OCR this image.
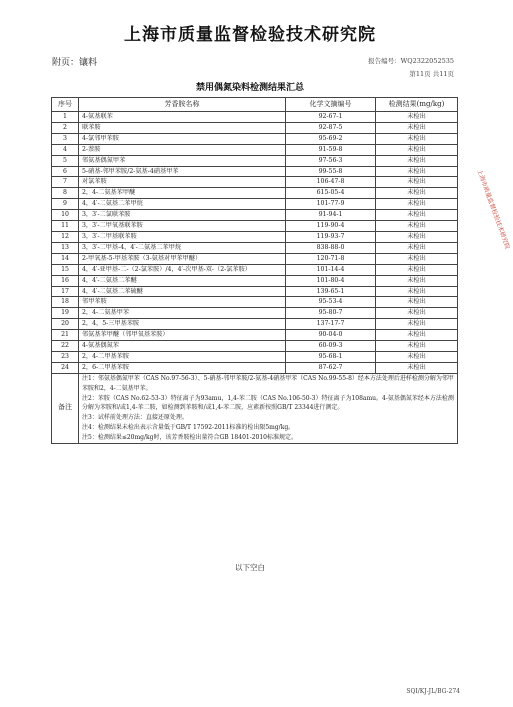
上海市质量监督检验技术研究院
附页：镶料	报告编号：WQ2322052535
第11页 共11页
禁用偶氮染料检测结果汇总
上海市质量监督检验技术研究院
序号	芳香胺名称	化学文摘编号	检测结果(mg/kg)
1	4-氨基联苯	92-67-1	未检出
2	联苯胺	92-87-5	未检出
3	4-氯邻甲苯胺	95-69-2	未检出
4	2-萘胺	91-59-8	未检出
5	邻氨基偶氮甲苯	97-56-3	未检出
6	5-硝基-邻甲苯胺/2-氨基-4硝基甲苯	99-55-8	未检出
7	对氯苯胺	106-47-8	未检出
8	2，4-二氨基苯甲醚	615-05-4	未检出
9	4，4′-二氨基二苯甲烷	101-77-9	未检出
10	3，3′-二氯联苯胺	91-94-1	未检出
11	3，3′-二甲氧基联苯胺	119-90-4	未检出
12	3，3′-二甲基联苯胺	119-93-7	未检出
13	3，3′-二甲基-4，4′-二氨基二苯甲烷	838-88-0	未检出
14	2-甲氧基-5-甲基苯胺（3-氨基对甲苯甲醚）	120-71-8	未检出
15	4，4′-亚甲基-二-（2-氯苯胺）/4，4′-次甲基-双-（2-氯苯胺）	101-14-4	未检出
16	4，4′-二氨基二苯醚	101-80-4	未检出
17	4，4′-二氨基二苯硫醚	139-65-1	未检出
18	邻甲苯胺	95-53-4	未检出
19	2，4-二氨基甲苯	95-80-7	未检出
20	2，4，5-三甲基苯胺	137-17-7	未检出
21	邻氨基苯甲醚（邻甲氧基苯胺）	90-04-0	未检出
22	4-氨基偶氮苯	60-09-3	未检出
23	2，4-二甲基苯胺	95-68-1	未检出
24	2，6-二甲基苯胺	87-62-7	未检出
备注	注1：邻氨基偶氮甲苯（CAS No.97-56-3）、5-硝基-邻甲苯胺/2-氨基-4硝基甲苯（CAS No.99-55-8）经本方法处理后进样检测分解为邻甲苯胺和2，4-二氨基甲苯。
注2：苯胺（CAS No.62-53-3）特征离子为93amu，1,4-苯二胺（CAS No.106-50-3）特征离子为108amu。4-氨基偶氮苯经本方法检测分解为苯胺和/或1,4-苯二胺，如检测到苯胺和/或1,4-苯二胺，应素新按照GB/T 23344进行测定。
注3：试样前处理方法：直接还原处理。
注4：检测结果未检出表示含量低于GB/T 17592-2011标准的检出限5mg/kg。
注5：检测结果≤20mg/kg时，该芳香胺检出量符合GB 18401-2010标准规定。		
以下空白
SQI/KJ-JL/BG-274
